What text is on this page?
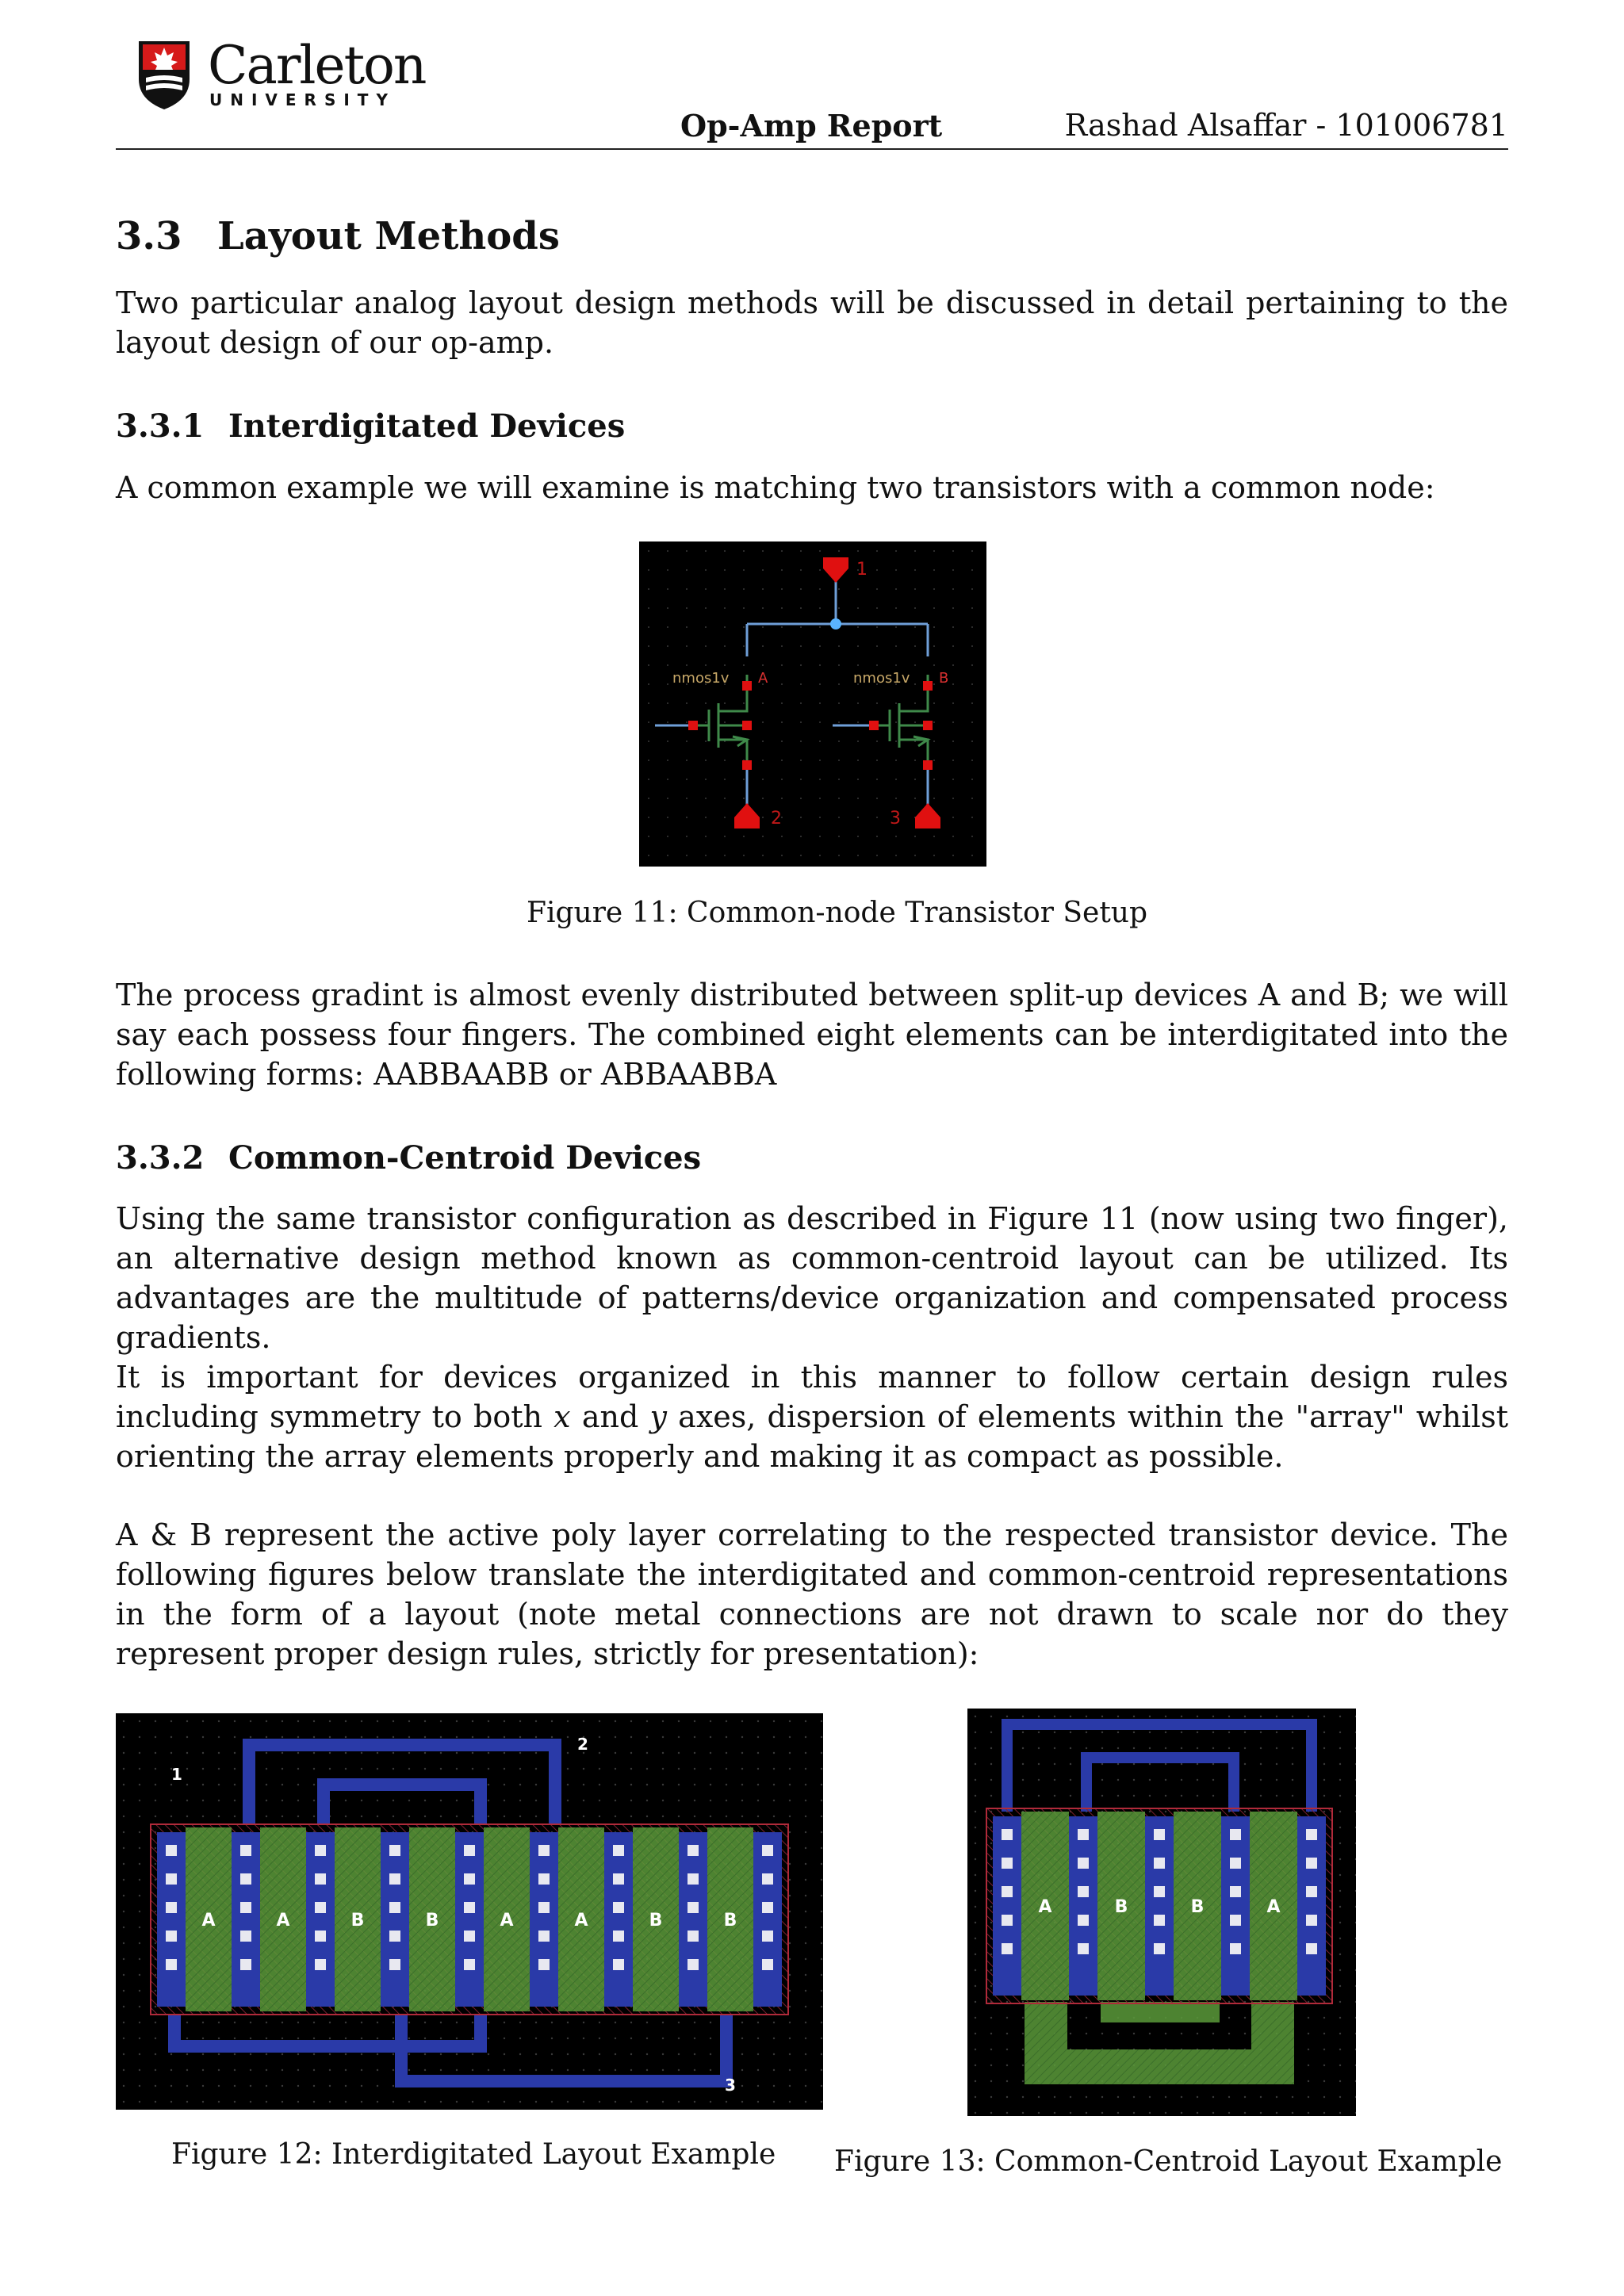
Carleton
UNIVERSITY
Op-Amp Report	Rashad Alsaffar - 101006781
3.3 Layout Methods
Two particular analog layout design methods will be discussed in detail pertaining to the layout design of our op-amp.
3.3.1 Interdigitated Devices
A common example we will examine is matching two transistors with a common node:
1
2	3
nmos1v	nmos1v
A	B
Figure 11: Common-node Transistor Setup
The process gradint is almost evenly distributed between split-up devices A and B; we will say each possess four fingers. The combined eight elements can be interdigitated into the following forms: AABBAABB or ABBAABBA
3.3.2 Common-Centroid Devices
Using the same transistor configuration as described in Figure 11 (now using two finger), an alternative design method known as common-centroid layout can be utilized. Its advantages are the multitude of patterns/device organization and compensated process gradients.
It is important for devices organized in this manner to follow certain design rules including symmetry to both x and y axes, dispersion of elements within the "array" whilst orienting the array elements properly and making it as compact as possible.
A & B represent the active poly layer correlating to the respected transistor device. The following figures below translate the interdigitated and common-centroid representations in the form of a layout (note metal connections are not drawn to scale nor do they represent proper design rules, strictly for presentation):
A	A	B	B	A	A	B	B
1
2
3
Figure 12: Interdigitated Layout Example
A	B	B	A
Figure 13: Common-Centroid Layout Example
